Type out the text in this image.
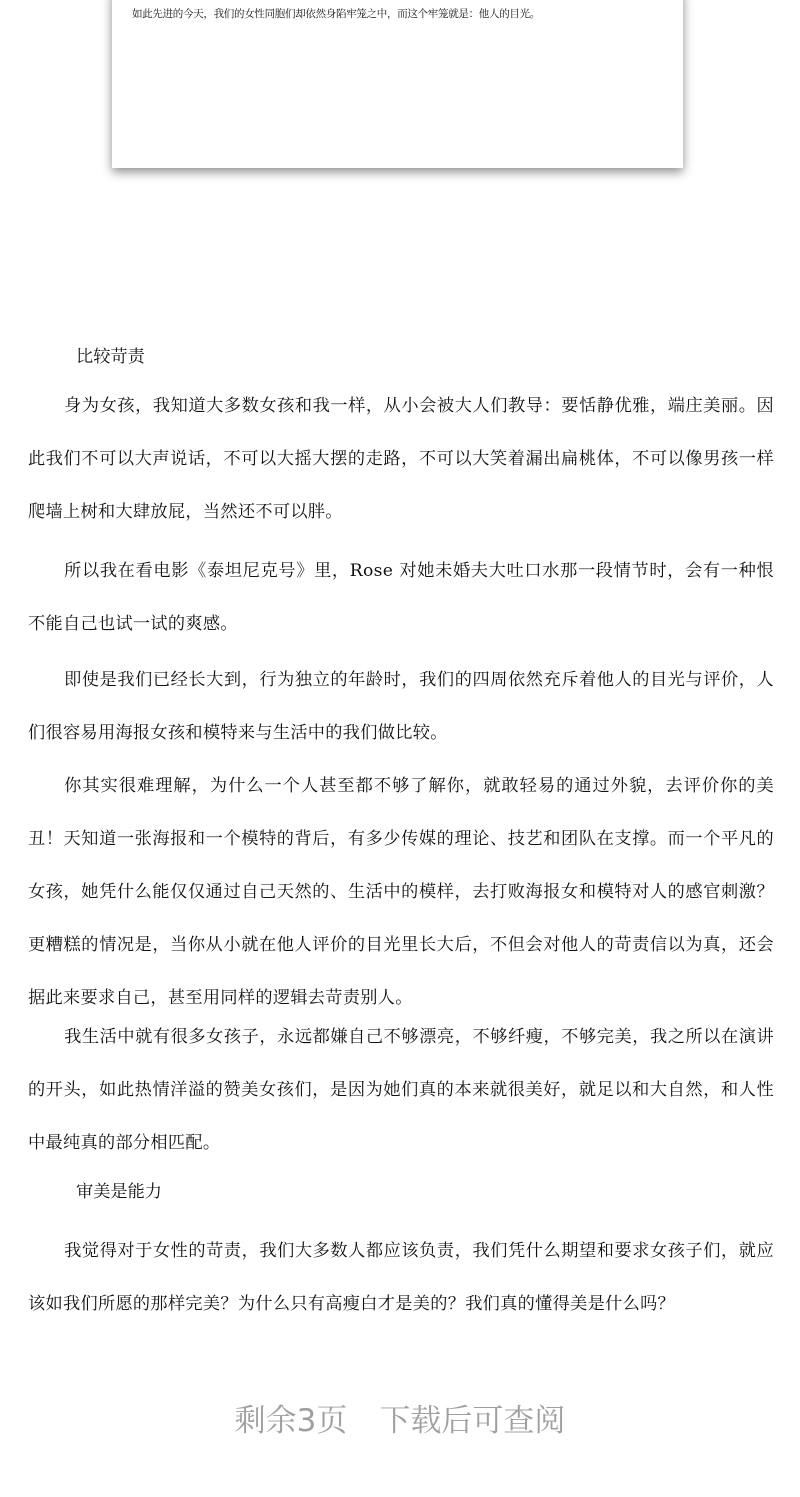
如此先进的今天，我们的女性同胞们却依然身陷牢笼之中，而这个牢笼就是：他人的目光。

比较苛责

身为女孩，我知道大多数女孩和我一样，从小会被大人们教导：要恬静优雅，端庄美丽。因此我们不可以大声说话，不可以大摇大摆的走路，不可以大笑着漏出扁桃体，不可以像男孩一样爬墙上树和大肆放屁，当然还不可以胖。

所以我在看电影《泰坦尼克号》里，Rose 对她未婚夫大吐口水那一段情节时，会有一种恨不能自己也试一试的爽感。

即使是我们已经长大到，行为独立的年龄时，我们的四周依然充斥着他人的目光与评价，人们很容易用海报女孩和模特来与生活中的我们做比较。

你其实很难理解，为什么一个人甚至都不够了解你，就敢轻易的通过外貌，去评价你的美丑！天知道一张海报和一个模特的背后，有多少传媒的理论、技艺和团队在支撑。而一个平凡的女孩，她凭什么能仅仅通过自己天然的、生活中的模样，去打败海报女和模特对人的感官刺激？更糟糕的情况是，当你从小就在他人评价的目光里长大后，不但会对他人的苛责信以为真，还会据此来要求自己，甚至用同样的逻辑去苛责别人。

我生活中就有很多女孩子，永远都嫌自己不够漂亮，不够纤瘦，不够完美，我之所以在演讲的开头，如此热情洋溢的赞美女孩们，是因为她们真的本来就很美好，就足以和大自然，和人性中最纯真的部分相匹配。

审美是能力

我觉得对于女性的苛责，我们大多数人都应该负责，我们凭什么期望和要求女孩子们，就应该如我们所愿的那样完美？为什么只有高瘦白才是美的？我们真的懂得美是什么吗？

剩余3页 下载后可查阅
